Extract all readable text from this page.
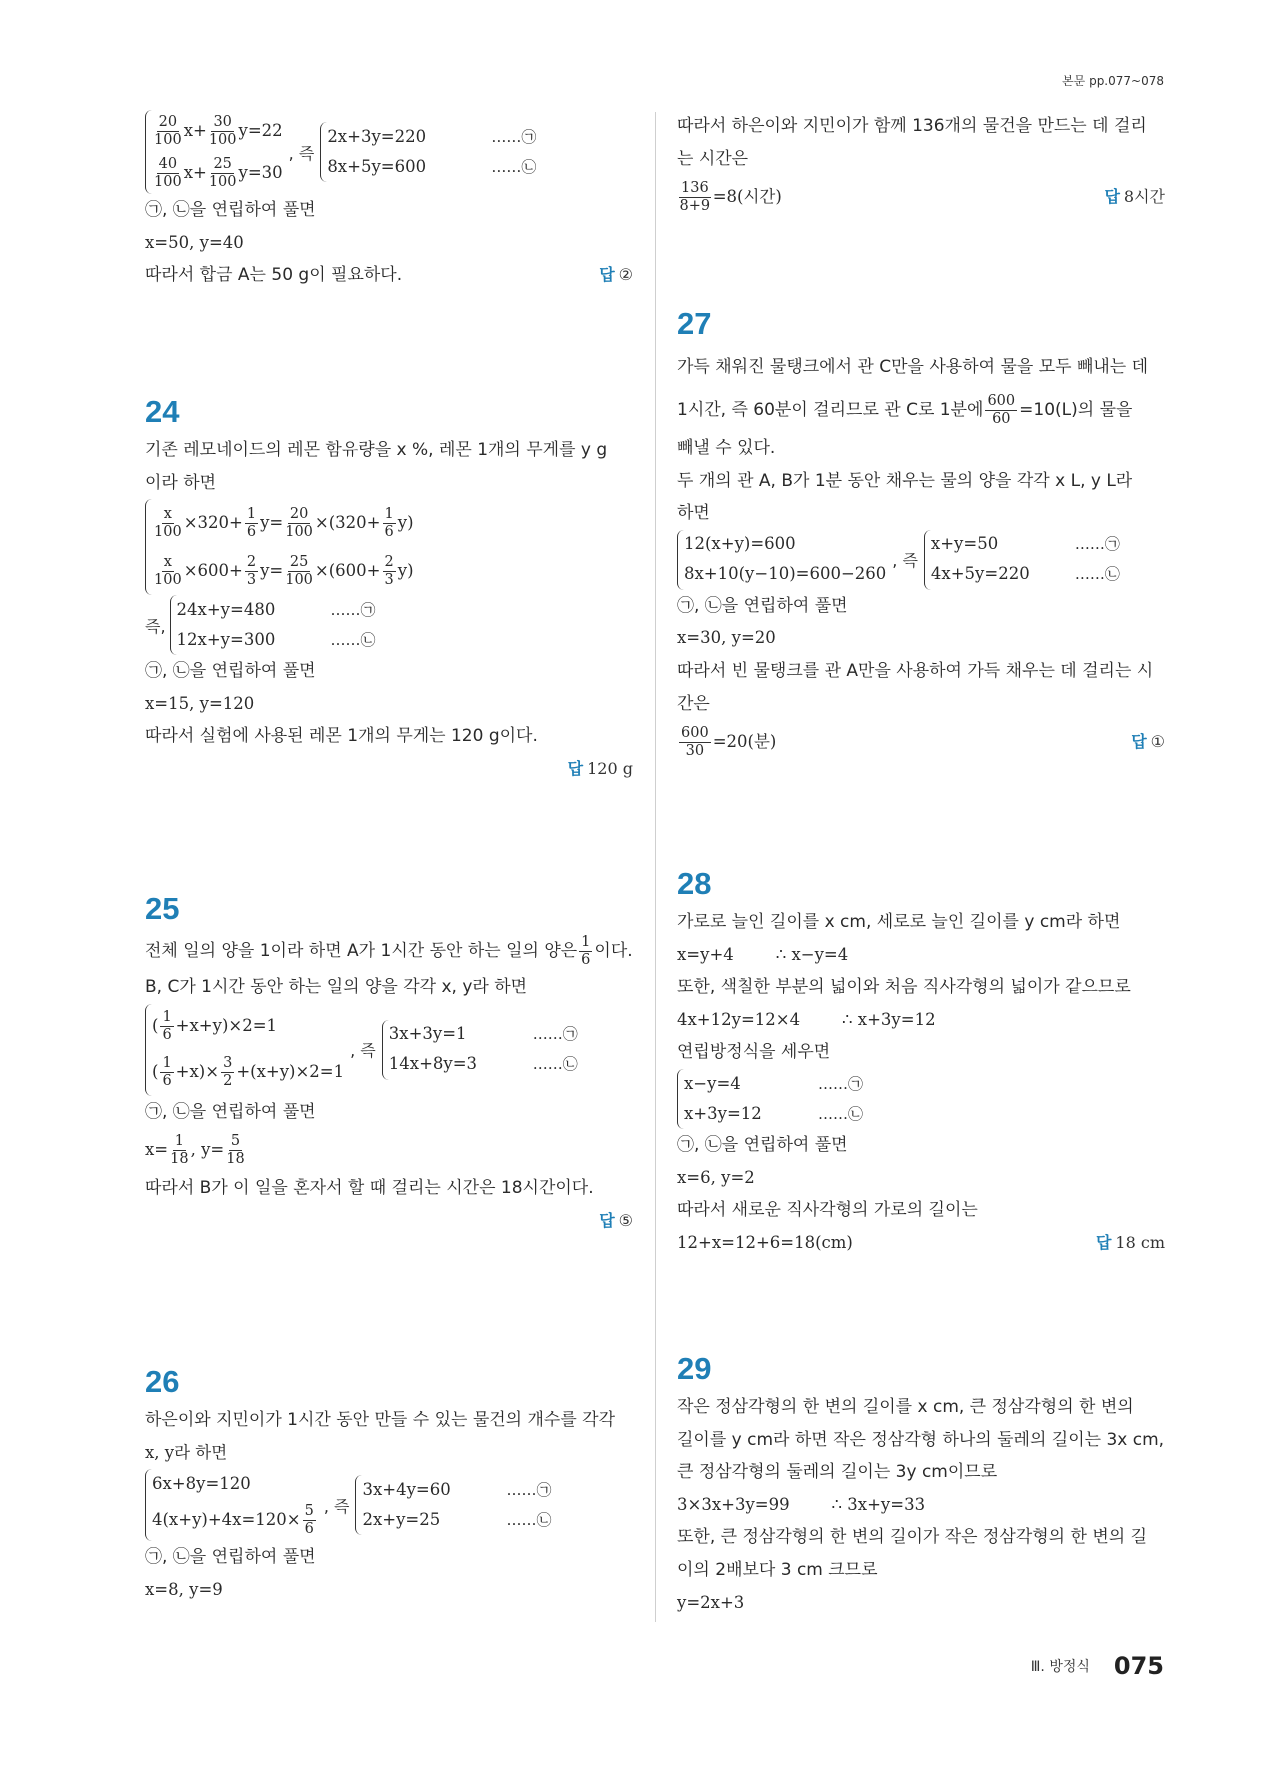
본문 pp.077~078
$\frac{20}{100} x+ \frac{30}{100} y=22$
$\frac{40}{100} x+ \frac{25}{100} y=30$
, 즉
2x+3y=220	……㉠
8x+5y=600	……㉡
㉠, ㉡을 연립하여 풀면
x=50, y=40
따라서 합금 A는 50 g이 필요하다.	답 ②
24
기존 레모네이드의 레몬 함유량을 x %, 레몬 1개의 무게를 y g
이라 하면
$\frac{x}{100} \times 320+ \frac{1}{6} y= \frac{20}{100} \times(320+ \frac{1}{6} y)$
$\frac{x}{100} \times 600+ \frac{2}{3} y= \frac{25}{100} \times(600+ \frac{2}{3} y)$
즉,
24x+y=480	……㉠
12x+y=300	……㉡
㉠, ㉡을 연립하여 풀면
x=15, y=120
따라서 실험에 사용된 레몬 1개의 무게는 120 g이다.
답 120 g
25
전체 일의 양을 1이라 하면 A가 1시간 동안 하는 일의 양은 $\frac{1}{6}$ 이다.
B, C가 1시간 동안 하는 일의 양을 각각 x, y라 하면
( $\frac{1}{6} +x+y)\times 2=1$
( $\frac{1}{6} +x)\times \frac{3}{2} +(x+y)\times 2=1$
, 즉
3x+3y=1	……㉠
14x+8y=3	……㉡
㉠, ㉡을 연립하여 풀면
$x= \frac{1}{18}$ , $y= \frac{5}{18}$
따라서 B가 이 일을 혼자서 할 때 걸리는 시간은 18시간이다.
답 ⑤
26
하은이와 지민이가 1시간 동안 만들 수 있는 물건의 개수를 각각
x, y라 하면
6x+8y=120
$4(x+y)+4x=120\times \frac{5}{6}$ , 즉
3x+4y=60	……㉠
2x+y=25	……㉡
㉠, ㉡을 연립하여 풀면
x=8, y=9
따라서 하은이와 지민이가 함께 136개의 물건을 만드는 데 걸리
는 시간은
$\frac{136}{8+9} =8$(시간)	답 8시간
27
가득 채워진 물탱크에서 관 C만을 사용하여 물을 모두 빼내는 데
1시간, 즉 60분이 걸리므로 관 C로 1분에 $\frac{600}{60} =10(L)$의 물을
빼낼 수 있다.
두 개의 관 A, B가 1분 동안 채우는 물의 양을 각각 x L, y L라
하면
12(x+y)=600
8x+10(y−10)=600−260
, 즉
x+y=50	……㉠
4x+5y=220	……㉡
㉠, ㉡을 연립하여 풀면
x=30, y=20
따라서 빈 물탱크를 관 A만을 사용하여 가득 채우는 데 걸리는 시
간은
$\frac{600}{30} =20$(분)	답 ①
28
가로로 늘인 길이를 x cm, 세로로 늘인 길이를 y cm라 하면
x=y+4        ∴ x−y=4
또한, 색칠한 부분의 넓이와 처음 직사각형의 넓이가 같으므로
4x+12y=12×4        ∴ x+3y=12
연립방정식을 세우면
x−y=4	……㉠
x+3y=12	……㉡
㉠, ㉡을 연립하여 풀면
x=6, y=2
따라서 새로운 직사각형의 가로의 길이는
12+x=12+6=18(cm)	답 18 cm
29
작은 정삼각형의 한 변의 길이를 x cm, 큰 정삼각형의 한 변의
길이를 y cm라 하면 작은 정삼각형 하나의 둘레의 길이는 3x cm,
큰 정삼각형의 둘레의 길이는 3y cm이므로
3×3x+3y=99        ∴ 3x+y=33
또한, 큰 정삼각형의 한 변의 길이가 작은 정삼각형의 한 변의 길
이의 2배보다 3 cm 크므로
y=2x+3
Ⅲ. 방정식 075
